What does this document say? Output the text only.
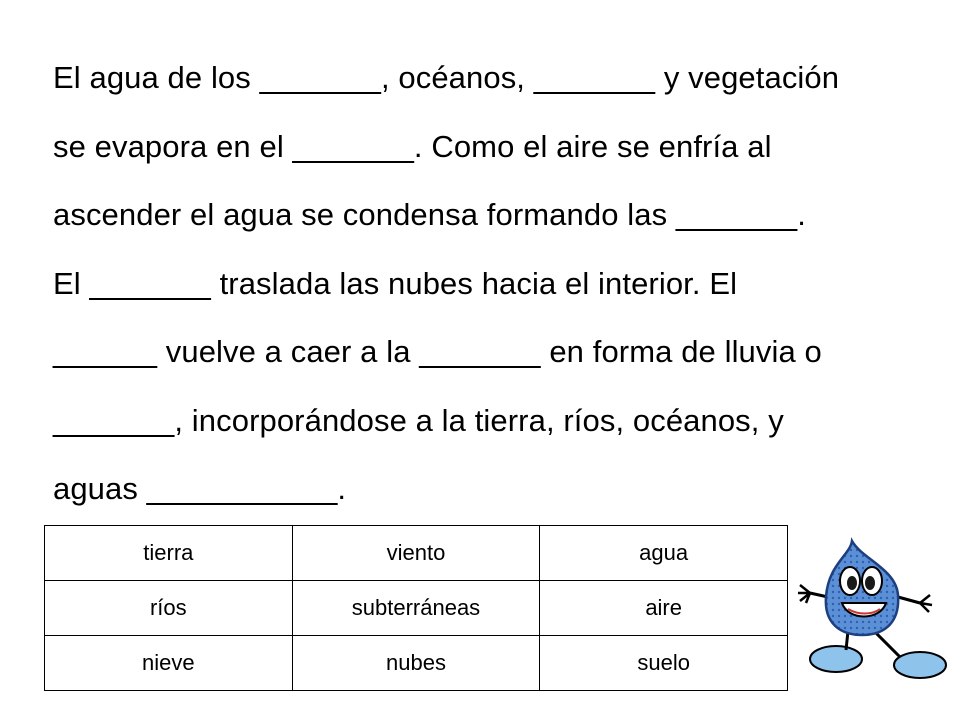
El agua de los _______, océanos, _______ y vegetación
se evapora en el _______. Como el aire se enfría al
ascender el agua se condensa formando las _______.
El _______ traslada las nubes hacia el interior. El
______ vuelve a caer a la _______ en forma de lluvia o
_______, incorporándose a la tierra, ríos, océanos, y
aguas ___________.
tierra	viento	agua
ríos	subterráneas	aire
nieve	nubes	suelo
